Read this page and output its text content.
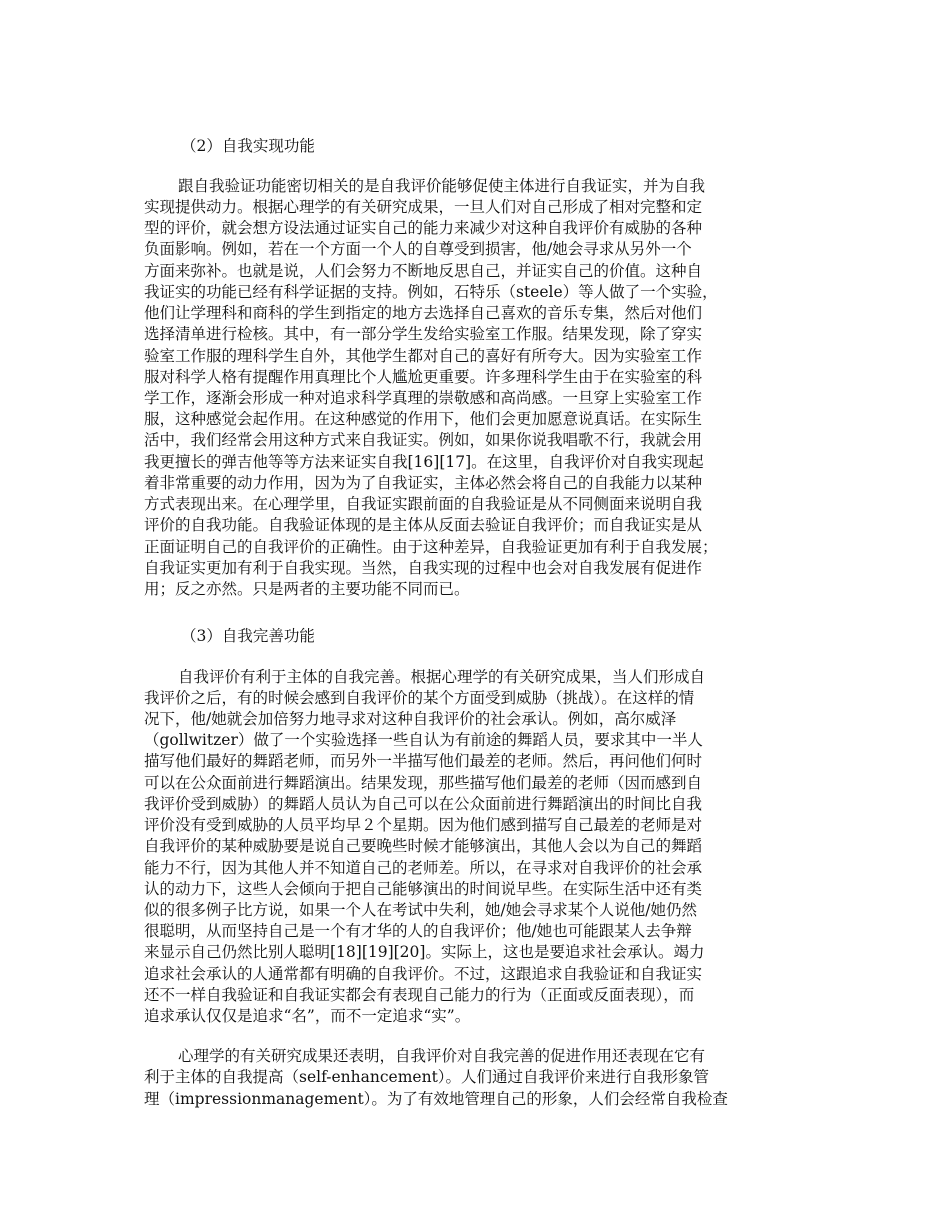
（2）自我实现功能
跟自我验证功能密切相关的是自我评价能够促使主体进行自我证实，并为自我
实现提供动力。根据心理学的有关研究成果，一旦人们对自己形成了相对完整和定
型的评价，就会想方设法通过证实自己的能力来减少对这种自我评价有威胁的各种
负面影响。例如，若在一个方面一个人的自尊受到损害，他/她会寻求从另外一个
方面来弥补。也就是说，人们会努力不断地反思自己，并证实自己的价值。这种自
我证实的功能已经有科学证据的支持。例如，石特乐（steele）等人做了一个实验，
他们让学理科和商科的学生到指定的地方去选择自己喜欢的音乐专集，然后对他们
选择清单进行检核。其中，有一部分学生发给实验室工作服。结果发现，除了穿实
验室工作服的理科学生自外，其他学生都对自己的喜好有所夸大。因为实验室工作
服对科学人格有提醒作用真理比个人尴尬更重要。许多理科学生由于在实验室的科
学工作，逐渐会形成一种对追求科学真理的崇敬感和高尚感。一旦穿上实验室工作
服，这种感觉会起作用。在这种感觉的作用下，他们会更加愿意说真话。在实际生
活中，我们经常会用这种方式来自我证实。例如，如果你说我唱歌不行，我就会用
我更擅长的弹吉他等等方法来证实自我[16][17]。在这里，自我评价对自我实现起
着非常重要的动力作用，因为为了自我证实，主体必然会将自己的自我能力以某种
方式表现出来。在心理学里，自我证实跟前面的自我验证是从不同侧面来说明自我
评价的自我功能。自我验证体现的是主体从反面去验证自我评价；而自我证实是从
正面证明自己的自我评价的正确性。由于这种差异，自我验证更加有利于自我发展；
自我证实更加有利于自我实现。当然，自我实现的过程中也会对自我发展有促进作
用；反之亦然。只是两者的主要功能不同而已。
（3）自我完善功能
自我评价有利于主体的自我完善。根据心理学的有关研究成果，当人们形成自
我评价之后，有的时候会感到自我评价的某个方面受到威胁（挑战）。在这样的情
况下，他/她就会加倍努力地寻求对这种自我评价的社会承认。例如，高尔威泽
（gollwitzer）做了一个实验选择一些自认为有前途的舞蹈人员，要求其中一半人
描写他们最好的舞蹈老师，而另外一半描写他们最差的老师。然后，再问他们何时
可以在公众面前进行舞蹈演出。结果发现，那些描写他们最差的老师（因而感到自
我评价受到威胁）的舞蹈人员认为自己可以在公众面前进行舞蹈演出的时间比自我
评价没有受到威胁的人员平均早２个星期。因为他们感到描写自己最差的老师是对
自我评价的某种威胁要是说自己要晚些时候才能够演出，其他人会以为自己的舞蹈
能力不行，因为其他人并不知道自己的老师差。所以，在寻求对自我评价的社会承
认的动力下，这些人会倾向于把自己能够演出的时间说早些。在实际生活中还有类
似的很多例子比方说，如果一个人在考试中失利，她/她会寻求某个人说他/她仍然
很聪明，从而坚持自己是一个有才华的人的自我评价；他/她也可能跟某人去争辩
来显示自己仍然比别人聪明[18][19][20]。实际上，这也是要追求社会承认。竭力
追求社会承认的人通常都有明确的自我评价。不过，这跟追求自我验证和自我证实
还不一样自我验证和自我证实都会有表现自己能力的行为（正面或反面表现），而
追求承认仅仅是追求“名”，而不一定追求“实”。
心理学的有关研究成果还表明，自我评价对自我完善的促进作用还表现在它有
利于主体的自我提高（self-enhancement）。人们通过自我评价来进行自我形象管
理（impressionmanagement）。为了有效地管理自己的形象，人们会经常自我检查
